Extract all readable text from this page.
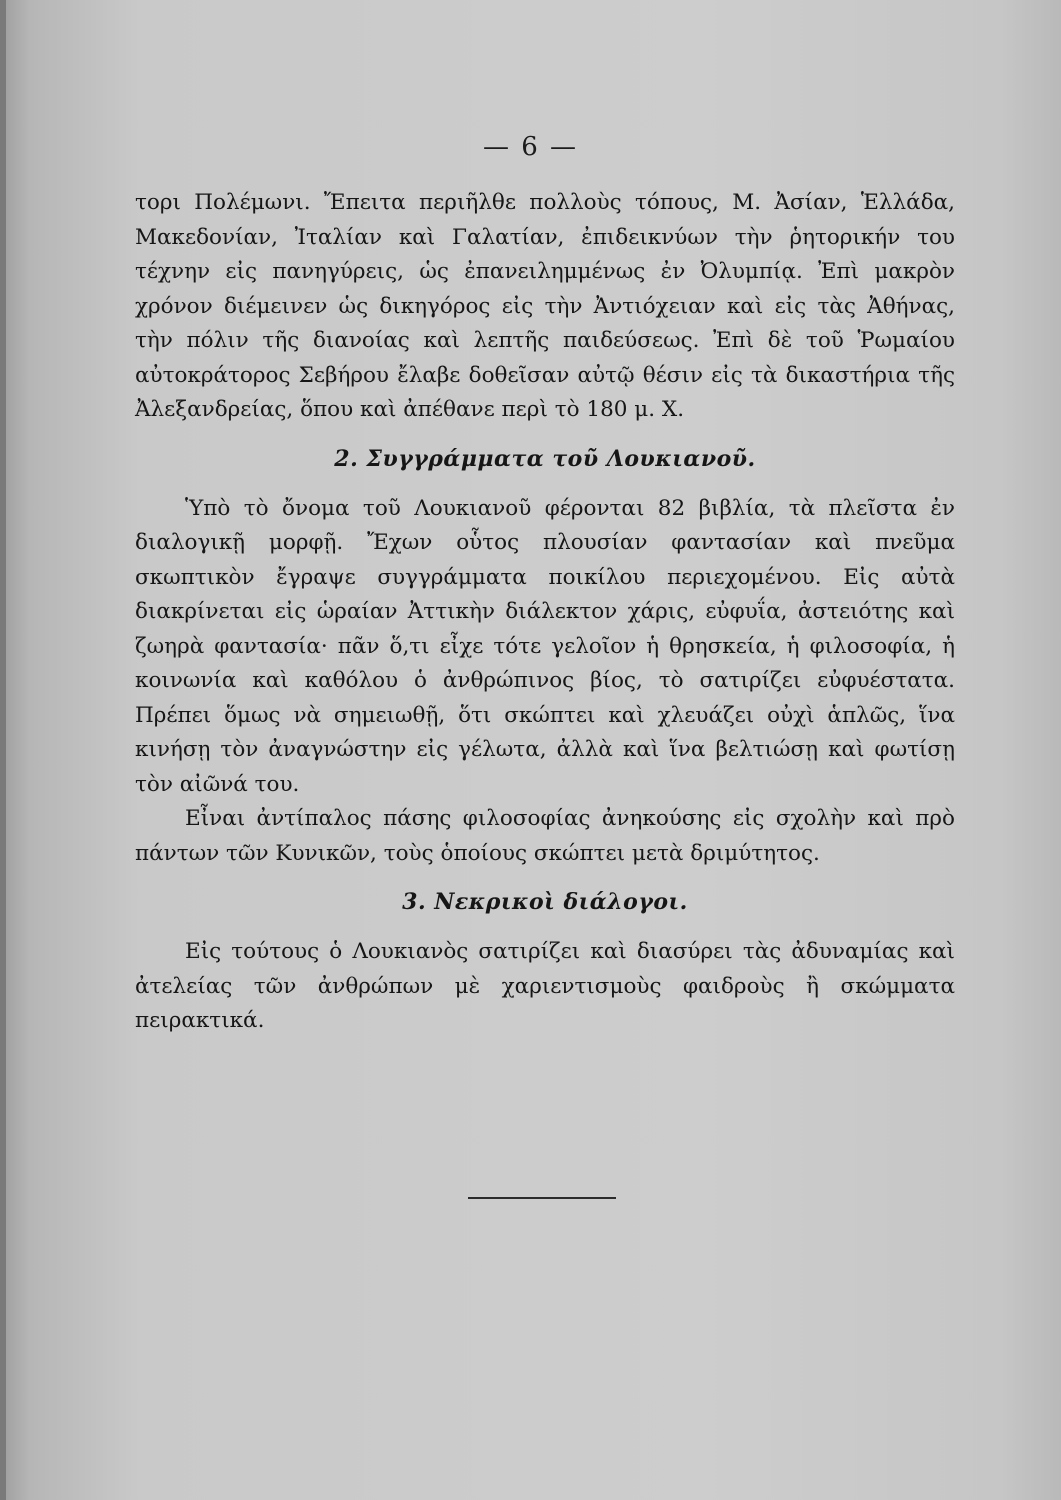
— 6 —

τορι Πολέμωνι. Ἔπειτα περιῆλθε πολλοὺς τόπους, Μ. Ἀσίαν, Ἑλλάδα, Μακεδονίαν, Ἰταλίαν καὶ Γαλατίαν, ἐπιδεικνύων τὴν ῥητορικήν του τέχνην εἰς πανηγύρεις, ὡς ἐπανειλημμένως ἐν Ὀλυμπίᾳ. Ἐπὶ μακρὸν χρόνον διέμεινεν ὡς δικηγόρος εἰς τὴν Ἀντιόχειαν καὶ εἰς τὰς Ἀθήνας, τὴν πόλιν τῆς διανοίας καὶ λεπτῆς παιδεύσεως. Ἐπὶ δὲ τοῦ Ῥωμαίου αὐτοκράτορος Σεβήρου ἔλαβε δοθεῖσαν αὐτῷ θέσιν εἰς τὰ δικαστήρια τῆς Ἀλεξανδρείας, ὅπου καὶ ἀπέθανε περὶ τὸ 180 μ. Χ.

2. Συγγράμματα τοῦ Λουκιανοῦ.

Ὑπὸ τὸ ὄνομα τοῦ Λουκιανοῦ φέρονται 82 βιβλία, τὰ πλεῖστα ἐν διαλογικῇ μορφῇ. Ἔχων οὗτος πλουσίαν φαντασίαν καὶ πνεῦμα σκωπτικὸν ἔγραψε συγγράμματα ποικίλου περιεχομένου. Εἰς αὐτὰ διακρίνεται εἰς ὡραίαν Ἀττικὴν διάλεκτον χάρις, εὐφυΐα, ἀστειότης καὶ ζωηρὰ φαντασία· πᾶν ὅ,τι εἶχε τότε γελοῖον ἡ θρησκεία, ἡ φιλοσοφία, ἡ κοινωνία καὶ καθόλου ὁ ἀνθρώπινος βίος, τὸ σατιρίζει εὐφυέστατα. Πρέπει ὅμως νὰ σημειωθῇ, ὅτι σκώπτει καὶ χλευάζει οὐχὶ ἁπλῶς, ἵνα κινήσῃ τὸν ἀναγνώστην εἰς γέλωτα, ἀλλὰ καὶ ἵνα βελτιώσῃ καὶ φωτίσῃ τὸν αἰῶνά του.

Εἶναι ἀντίπαλος πάσης φιλοσοφίας ἀνηκούσης εἰς σχολὴν καὶ πρὸ πάντων τῶν Κυνικῶν, τοὺς ὁποίους σκώπτει μετὰ δριμύτητος.

3. Νεκρικοὶ διάλογοι.

Εἰς τούτους ὁ Λουκιανὸς σατιρίζει καὶ διασύρει τὰς ἀδυναμίας καὶ ἀτελείας τῶν ἀνθρώπων μὲ χαριεντισμοὺς φαιδροὺς ἢ σκώμματα πειρακτικά.
